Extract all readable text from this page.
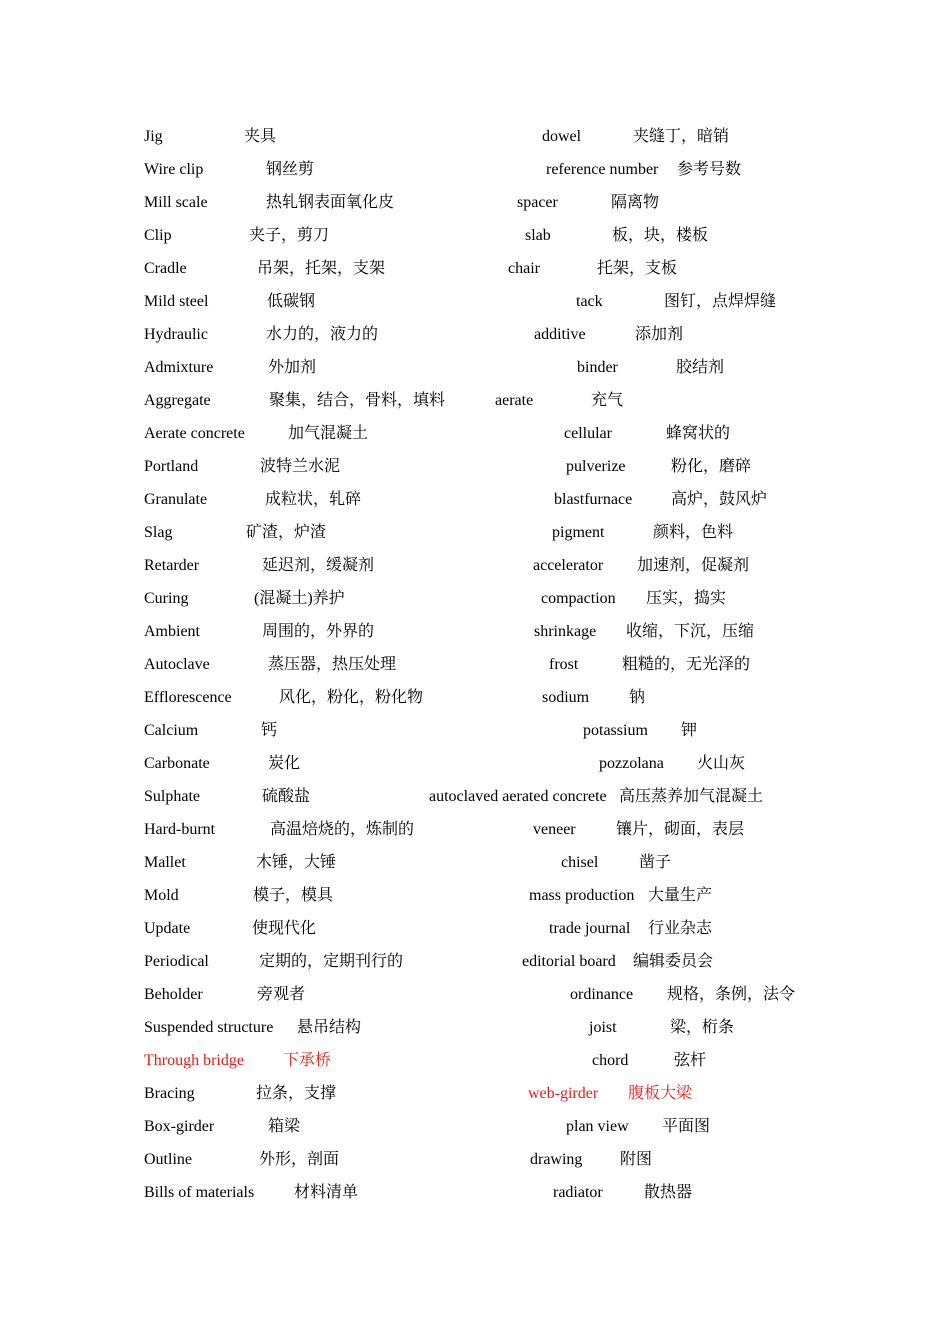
Jig	夹具	dowel	夹缝丁，暗销
Wire clip	钢丝剪	reference number 参考号数
Mill scale	热轧钢表面氧化皮	spacer	隔离物
Clip	夹子，剪刀	slab	板，块，楼板
Cradle	吊架，托架，支架	chair	托架，支板
Mild steel	低碳钢	tack	图钉，点焊焊缝
Hydraulic	水力的，液力的	additive	添加剂
Admixture	外加剂	binder	胶结剂
Aggregate	聚集，结合，骨料，填料	aerate	充气
Aerate concrete	加气混凝土	cellular	蜂窝状的
Portland	波特兰水泥	pulverize	粉化，磨碎
Granulate	成粒状，轧碎	blastfurnace 高炉，鼓风炉
Slag	矿渣，炉渣	pigment	颜料，色料
Retarder	延迟剂，缓凝剂	accelerator 加速剂，促凝剂
Curing	(混凝土)养护	compaction 压实，捣实
Ambient	周围的，外界的	shrinkage 收缩，下沉，压缩
Autoclave	蒸压器，热压处理	frost	粗糙的，无光泽的
Efflorescence	风化，粉化，粉化物	sodium 钠
Calcium	钙	potassium 钾
Carbonate	炭化	pozzolana 火山灰
Sulphate	硫酸盐	autoclaved aerated concrete 高压蒸养加气混凝土
Hard-burnt	高温焙烧的，炼制的	veneer	镶片，砌面，表层
Mallet	木锤，大锤	chisel	凿子
Mold	模子，模具	mass production 大量生产
Update	使现代化	trade journal 行业杂志
Periodical	定期的，定期刊行的	editorial board 编辑委员会
Beholder	旁观者	ordinance 规格，条例，法令
Suspended structure 悬吊结构	joist	梁，桁条
Through bridge 下承桥	chord	弦杆
Bracing	拉条，支撑	web-girder 腹板大梁
Box-girder	箱梁	plan view 平面图
Outline	外形，剖面	drawing 附图
Bills of materials 材料清单	radiator	散热器
